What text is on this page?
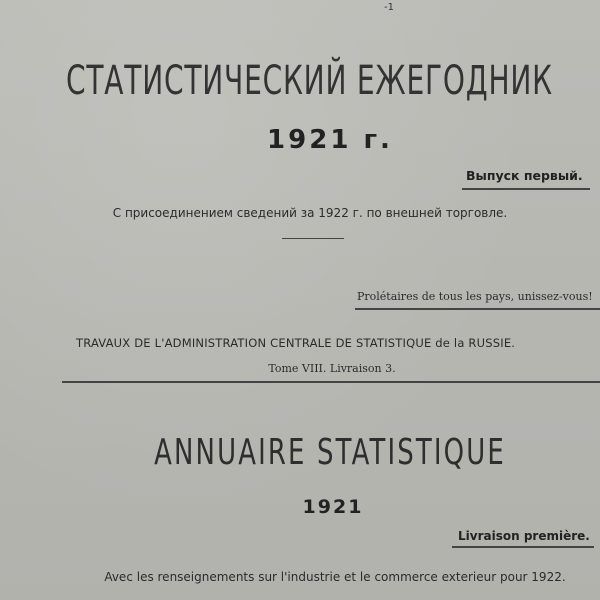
-1
СТАТИСТИЧЕСКИЙ ЕЖЕГОДНИК
1921 г.
Выпуск первый.
С присоединением сведений за 1922 г. по внешней торговле.
Prolétaires de tous les pays, unissez-vous!
TRAVAUX DE L'ADMINISTRATION CENTRALE DE STATISTIQUE de la RUSSIE.
Tome VIII. Livraison 3.
ANNUAIRE STATISTIQUE
1921
Livraison première.
Avec les renseignements sur l'industrie et le commerce exterieur pour 1922.
